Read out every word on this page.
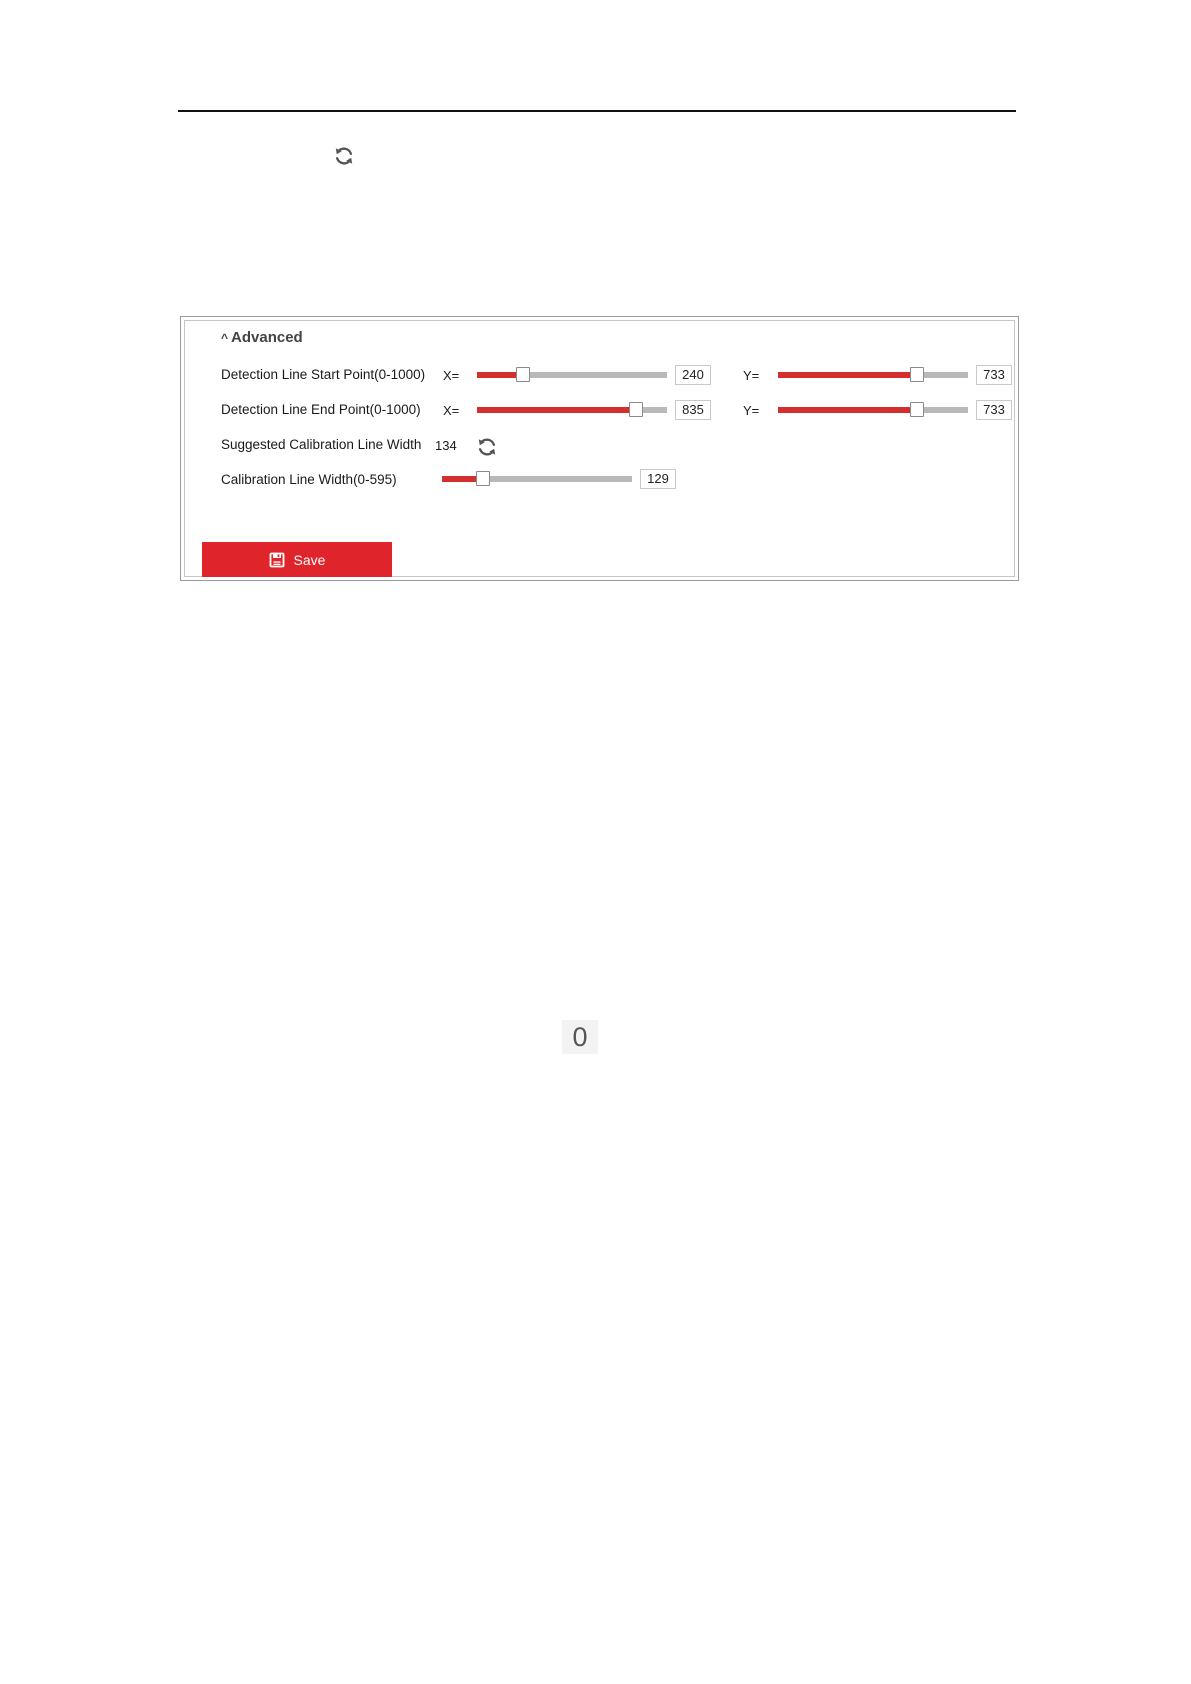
^ Advanced
Detection Line Start Point(0-1000) X=	240	Y=	733
Detection Line End Point(0-1000) X=	835	Y=	733
Suggested Calibration Line Width 134
Calibration Line Width(0-595)	129
Save
0
